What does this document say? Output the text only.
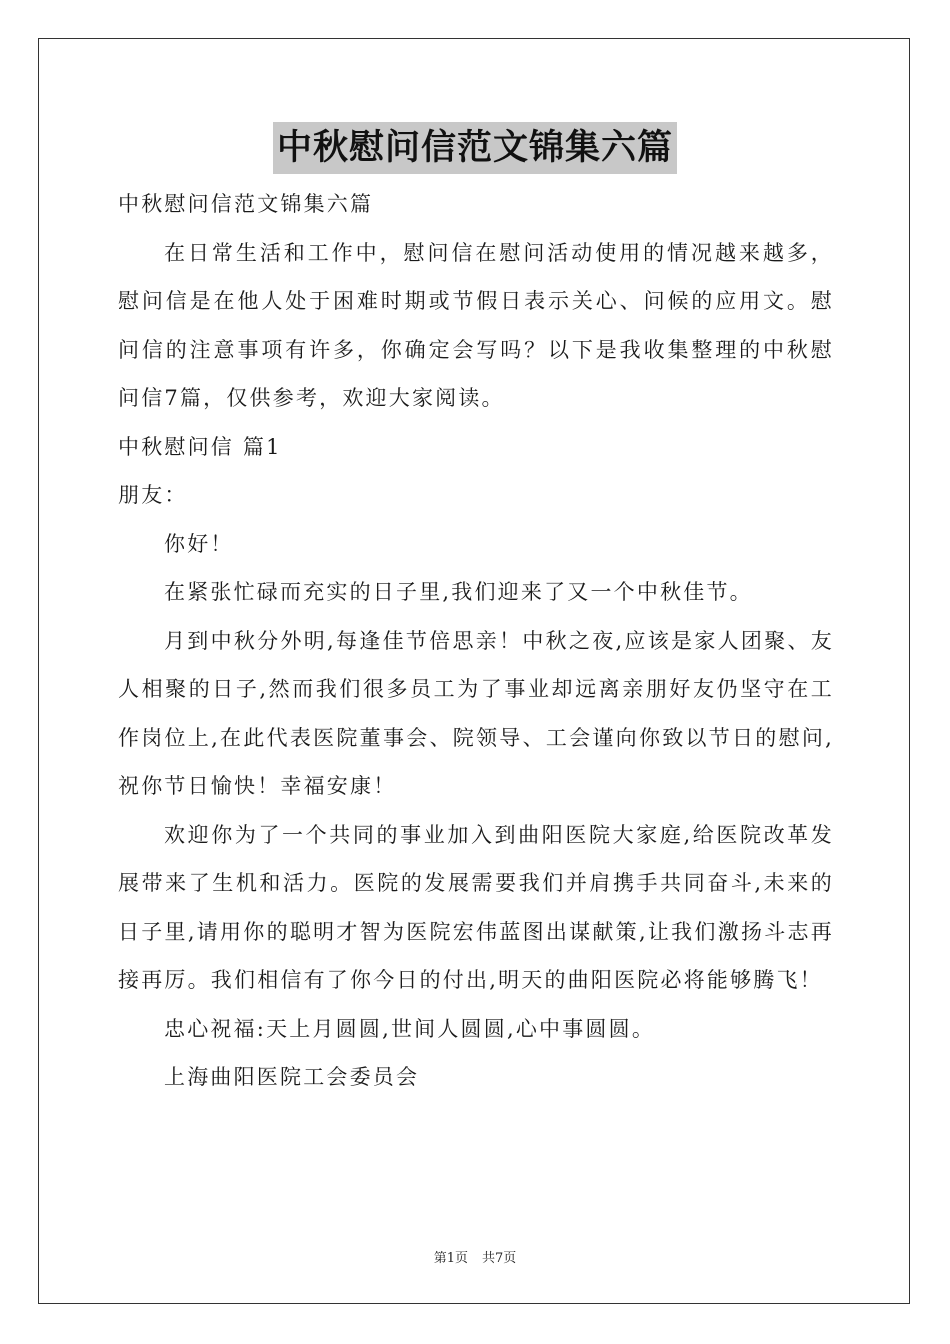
中秋慰问信范文锦集六篇

中秋慰问信范文锦集六篇

在日常生活和工作中，慰问信在慰问活动使用的情况越来越多，慰问信是在他人处于困难时期或节假日表示关心、问候的应用文。慰问信的注意事项有许多，你确定会写吗？以下是我收集整理的中秋慰问信7篇，仅供参考，欢迎大家阅读。

中秋慰问信 篇1

朋友：

你好！

在紧张忙碌而充实的日子里,我们迎来了又一个中秋佳节。

月到中秋分外明,每逢佳节倍思亲！中秋之夜,应该是家人团聚、友人相聚的日子,然而我们很多员工为了事业却远离亲朋好友仍坚守在工作岗位上,在此代表医院董事会、院领导、工会谨向你致以节日的慰问,祝你节日愉快！幸福安康！

欢迎你为了一个共同的事业加入到曲阳医院大家庭,给医院改革发展带来了生机和活力。医院的发展需要我们并肩携手共同奋斗,未来的日子里,请用你的聪明才智为医院宏伟蓝图出谋献策,让我们激扬斗志再接再厉。我们相信有了你今日的付出,明天的曲阳医院必将能够腾飞！

忠心祝福:天上月圆圆,世间人圆圆,心中事圆圆。

上海曲阳医院工会委员会

第1页 共7页
